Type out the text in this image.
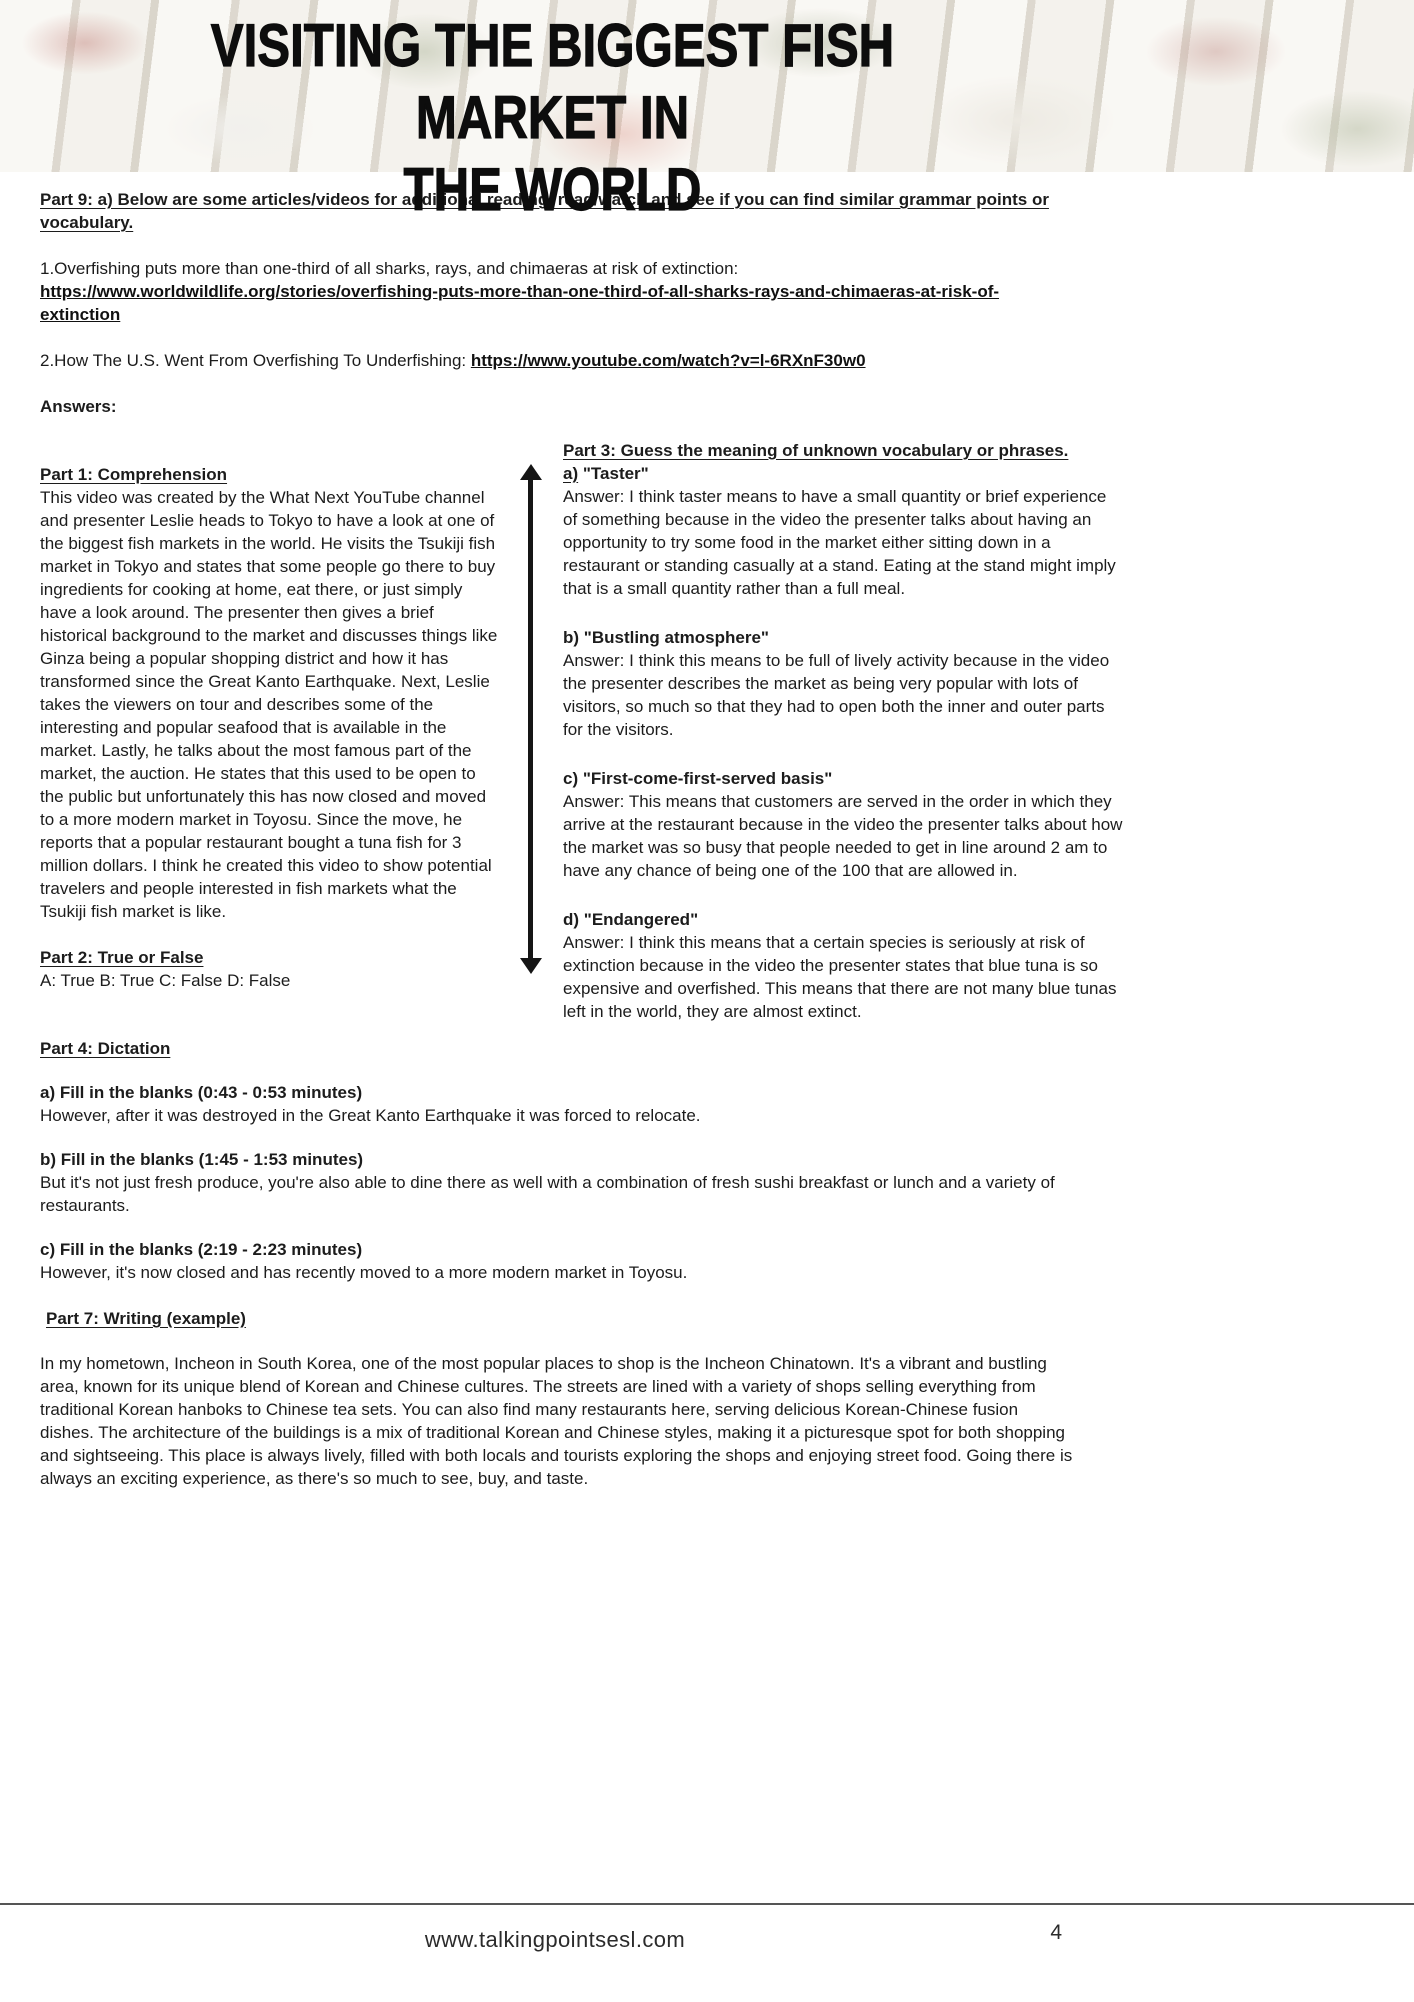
VISITING THE BIGGEST FISH MARKET IN
THE WORLD

Part 9: a) Below are some articles/videos for additional reading, read/watch and see if you can find similar grammar points or vocabulary.

1.Overfishing puts more than one-third of all sharks, rays, and chimaeras at risk of extinction:
https://www.worldwildlife.org/stories/overfishing-puts-more-than-one-third-of-all-sharks-rays-and-chimaeras-at-risk-of-extinction

2.How The U.S. Went From Overfishing To Underfishing: https://www.youtube.com/watch?v=l-6RXnF30w0

Answers:

Part 1: Comprehension

This video was created by the What Next YouTube channel and presenter Leslie heads to Tokyo to have a look at one of the biggest fish markets in the world. He visits the Tsukiji fish market in Tokyo and states that some people go there to buy ingredients for cooking at home, eat there, or just simply have a look around. The presenter then gives a brief historical background to the market and discusses things like Ginza being a popular shopping district and how it has transformed since the Great Kanto Earthquake. Next, Leslie takes the viewers on tour and describes some of the interesting and popular seafood that is available in the market. Lastly, he talks about the most famous part of the market, the auction. He states that this used to be open to the public but unfortunately this has now closed and moved to a more modern market in Toyosu. Since the move, he reports that a popular restaurant bought a tuna fish for 3 million dollars. I think he created this video to show potential travelers and people interested in fish markets what the Tsukiji fish market is like.

Part 2: True or False

A: True B: True C: False D: False

Part 3: Guess the meaning of unknown vocabulary or phrases.

a) "Taster"

Answer: I think taster means to have a small quantity or brief experience of something because in the video the presenter talks about having an opportunity to try some food in the market either sitting down in a restaurant or standing casually at a stand. Eating at the stand might imply that is a small quantity rather than a full meal.

b) "Bustling atmosphere"

Answer: I think this means to be full of lively activity because in the video the presenter describes the market as being very popular with lots of visitors, so much so that they had to open both the inner and outer parts for the visitors.

c) "First-come-first-served basis"

Answer: This means that customers are served in the order in which they arrive at the restaurant because in the video the presenter talks about how the market was so busy that people needed to get in line around 2 am to have any chance of being one of the 100 that are allowed in.

d) "Endangered"

Answer: I think this means that a certain species is seriously at risk of extinction because in the video the presenter states that blue tuna is so expensive and overfished. This means that there are not many blue tunas left in the world, they are almost extinct.

Part 4: Dictation

a) Fill in the blanks (0:43 - 0:53 minutes)

However, after it was destroyed in the Great Kanto Earthquake it was forced to relocate.

b) Fill in the blanks (1:45 - 1:53 minutes)

But it's not just fresh produce, you're also able to dine there as well with a combination of fresh sushi breakfast or lunch and a variety of restaurants.

c) Fill in the blanks (2:19 - 2:23 minutes)

However, it's now closed and has recently moved to a more modern market in Toyosu.

Part 7: Writing (example)

In my hometown, Incheon in South Korea, one of the most popular places to shop is the Incheon Chinatown. It's a vibrant and bustling area, known for its unique blend of Korean and Chinese cultures. The streets are lined with a variety of shops selling everything from traditional Korean hanboks to Chinese tea sets. You can also find many restaurants here, serving delicious Korean-Chinese fusion dishes. The architecture of the buildings is a mix of traditional Korean and Chinese styles, making it a picturesque spot for both shopping and sightseeing. This place is always lively, filled with both locals and tourists exploring the shops and enjoying street food. Going there is always an exciting experience, as there's so much to see, buy, and taste.

www.talkingpointsesl.com	4
